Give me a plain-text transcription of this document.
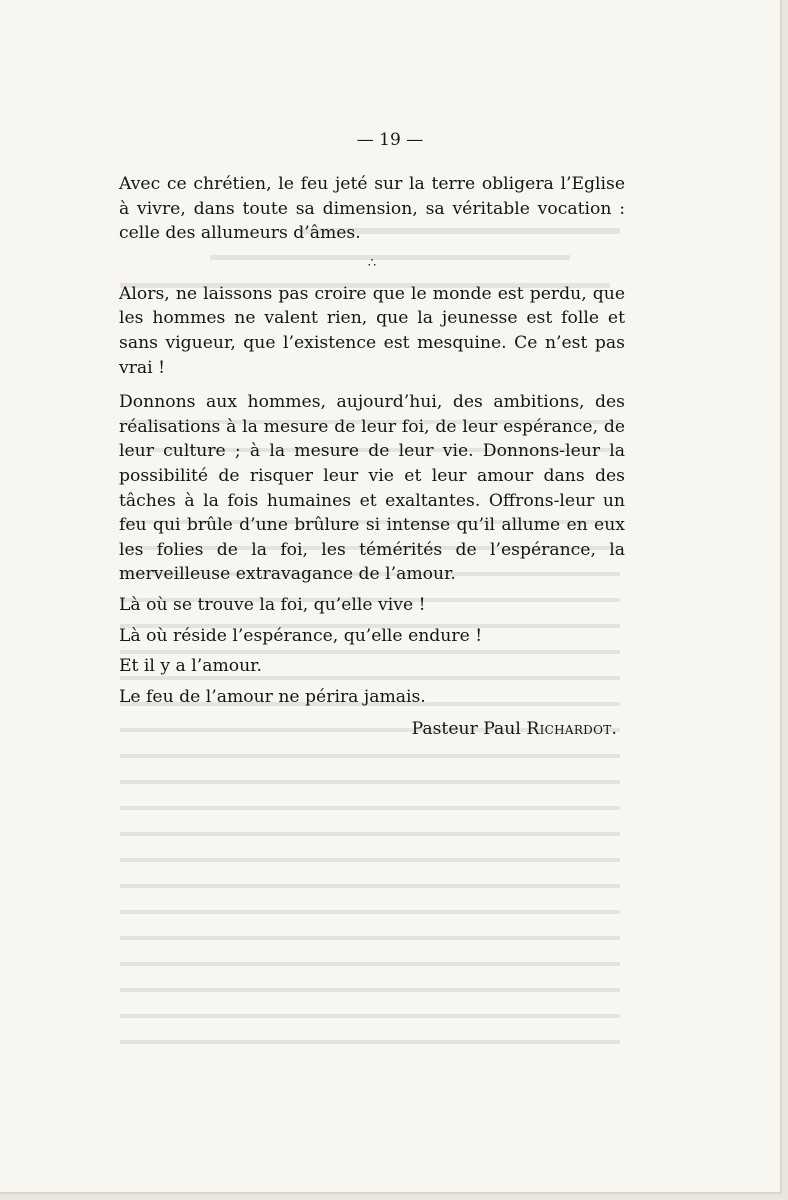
— 19 —

Avec ce chrétien, le feu jeté sur la terre obligera l’Eglise à vivre, dans toute sa dimension, sa véritable vocation : celle des allumeurs d’âmes.

∴

Alors, ne laissons pas croire que le monde est perdu, que les hommes ne valent rien, que la jeunesse est folle et sans vigueur, que l’existence est mesquine. Ce n’est pas vrai !

Donnons aux hommes, aujourd’hui, des ambitions, des réalisations à la mesure de leur foi, de leur espérance, de leur culture ; à la mesure de leur vie. Donnons-leur la possibilité de risquer leur vie et leur amour dans des tâches à la fois humaines et exaltantes. Offrons-leur un feu qui brûle d’une brûlure si intense qu’il allume en eux les folies de la foi, les témérités de l’espérance, la merveilleuse extravagance de l’amour.

Là où se trouve la foi, qu’elle vive !

Là où réside l’espérance, qu’elle endure !

Et il y a l’amour.

Le feu de l’amour ne périra jamais.

Pasteur Paul Richardot.
